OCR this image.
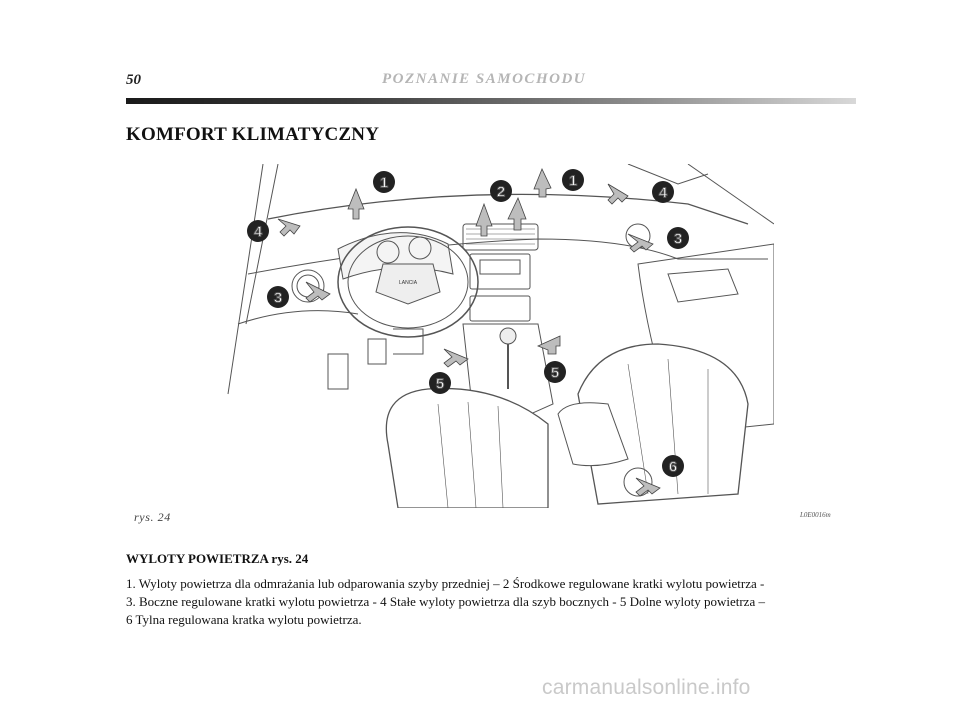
50	POZNANIE SAMOCHODU
KOMFORT KLIMATYCZNY
LANCIA
1
2
1
4
4	3
3
5
5
6
rys. 24	L0E0016m
WYLOTY POWIETRZA rys. 24
1. Wyloty powietrza dla odmrażania lub odparowania szyby przedniej – 2 Środkowe regulowane kratki wylotu powietrza -
3. Boczne regulowane kratki wylotu powietrza - 4 Stałe wyloty powietrza dla szyb bocznych - 5 Dolne wyloty powietrza –
6 Tylna regulowana kratka wylotu powietrza.
carmanualsonline.info
